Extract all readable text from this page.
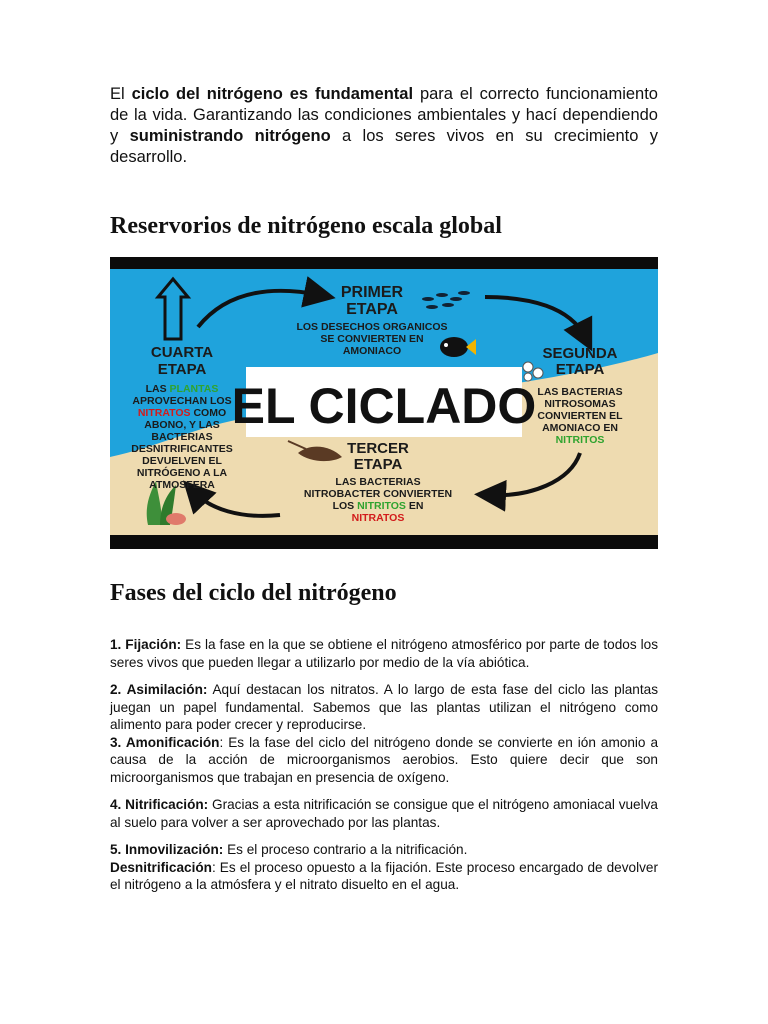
El ciclo del nitrógeno es fundamental para el correcto funcionamiento de la vida. Garantizando las condiciones ambientales y hací dependiendo y suministrando nitrógeno a los seres vivos en su crecimiento y desarrollo.

Reservorios de nitrógeno escala global
PRIMER
ETAPA
LOS DESECHOS ORGANICOS
SE CONVIERTEN EN
AMONIACO	SEGUNDA
ETAPA
LAS BACTERIAS
NITROSOMAS
CONVIERTEN EL
AMONIACO EN
NITRITOS
TERCER
ETAPA
LAS BACTERIAS
NITROBACTER CONVIERTEN
LOS NITRITOS EN
NITRATOS
CUARTA
ETAPA
LAS PLANTAS
APROVECHAN LOS
NITRATOS COMO
ABONO, Y LAS
BACTERIAS
DESNITRIFICANTES
DEVUELVEN EL
NITRÓGENO A LA
ATMOSFERA
EL CICLADO
Fases del ciclo del nitrógeno

1. Fijación: Es la fase en la que se obtiene el nitrógeno atmosférico por parte de todos los seres vivos que pueden llegar a utilizarlo por medio de la vía abiótica.

2. Asimilación: Aquí destacan los nitratos. A lo largo de esta fase del ciclo las plantas juegan un papel fundamental. Sabemos que las plantas utilizan el nitrógeno como alimento para poder crecer y reproducirse.

3. Amonificación: Es la fase del ciclo del nitrógeno donde se convierte en ión amonio a causa de la acción de microorganismos aerobios. Esto quiere decir que son microorganismos que trabajan en presencia de oxígeno.

4. Nitrificación: Gracias a esta nitrificación se consigue que el nitrógeno amoniacal vuelva al suelo para volver a ser aprovechado por las plantas.

5. Inmovilización: Es el proceso contrario a la nitrificación.

Desnitrificación: Es el proceso opuesto a la fijación. Este proceso encargado de devolver el nitrógeno a la atmósfera y el nitrato disuelto en el agua.
